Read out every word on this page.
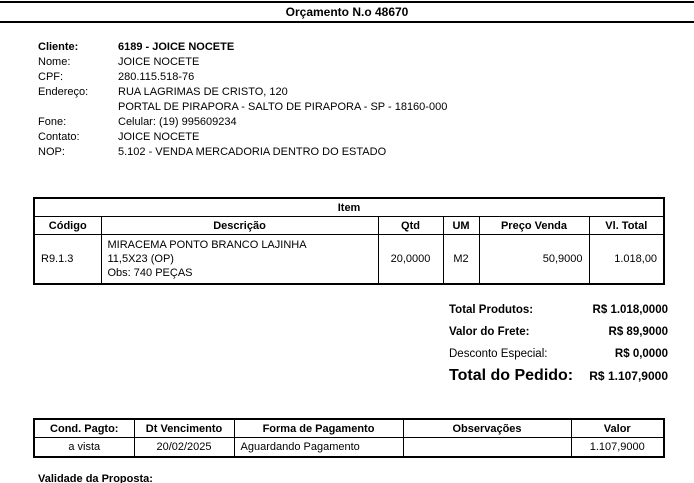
Orçamento N.o 48670
Cliente:	6189 - JOICE NOCETE
Nome:	JOICE NOCETE
CPF:	280.115.518-76
Endereço:	RUA LAGRIMAS DE CRISTO, 120
PORTAL DE PIRAPORA - SALTO DE PIRAPORA - SP - 18160-000
Fone:	Celular: (19) 995609234
Contato:	JOICE NOCETE
NOP:	5.102 - VENDA MERCADORIA DENTRO DO ESTADO
Item					
Código	Descrição	Qtd	UM	Preço Venda	Vl. Total
R9.1.3	MIRACEMA PONTO BRANCO LAJINHA
11,5X23 (OP)
Obs: 740 PEÇAS	20,0000	M2	50,9000	1.018,00
Total Produtos:	R$ 1.018,0000
Valor do Frete:	R$ 89,9000
Desconto Especial:	R$ 0,0000
Total do Pedido: R$ 1.107,9000
Cond. Pagto:	Dt Vencimento	Forma de Pagamento	Observações	Valor
a vista	20/02/2025	Aguardando Pagamento		1.107,9000
Validade da Proposta:
